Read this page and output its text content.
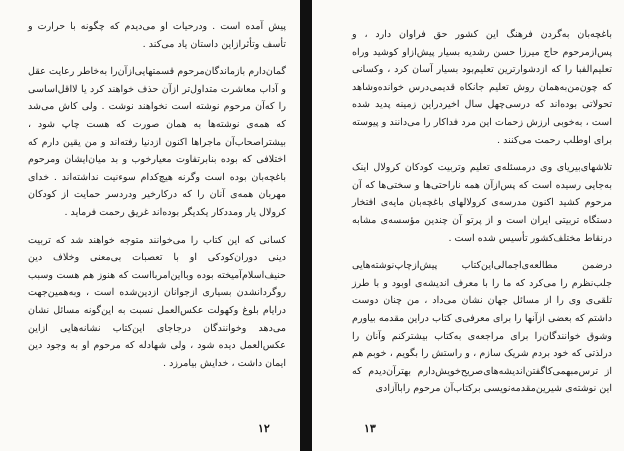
پیش آمده است . ودرحیات او می‌دیدم که چگونه با حرارت و تأسف وتأثرازاین داستان یاد می‌کند .

گمان‌دارم بازماندگان‌مرحوم قسمتهایی‌از‌آن‌را به‌خاطر رعایت عقل و آداب معاشرت متداول‌تر از‌آن حذف خواهند کرد یا لااقل‌اساسی را که‌آن مرحوم نوشته است نخواهند نوشت . ولی کاش می‌شد که همه‌ی نوشته‌ها به همان صورت که هست چاپ شود ، بیشتر‌اصحاب‌آن ماجرا‌ها اکنون ازدنیا رفته‌اند و من یقین دارم که اختلافی که بوده بنابرتفاوت معیارخوب و بد میان‌ایشان ومرحوم باغچه‌بان بوده است و‌گرنه هیچ‌کدام سوءنیت نداشته‌اند . خدای مهربان همه‌ی آنان را که درکارخیر ودردسر حمایت از کودکان کرولال یار ومددکار یکدیگر بوده‌اند غریق رحمت فرماید .

کسانی که این کتاب را می‌خوانند متوجه خواهند شد که تربیت دینی دوران‌کودکی او با تعصبات بی‌معنی وخلاف دین حنیف‌اسلام‌آمیخته بوده وبااین‌امربااست که هنوز هم هست وسبب روگردانشدن بسیاری ازجوانان ازدین‌شده است ، وبه‌همین‌جهت درایام بلوغ وکهولت عکس‌العمل نسبت به این‌گونه مسائل نشان می‌دهد وخوانندگان درجاجای این‌کتاب نشانه‌هایی ازاین عکس‌العمل دیده شود ، ولی شهادله که مرحوم او به وجود دین ایمان داشت ، خدایش بیامرزد .

۱۲

باغچه‌بان به‌گردن فرهنگ این کشور حق فراوان دارد ، و پس‌ازمرحوم حاج میرزا حسن رشدیه بسیار پیش‌ازاو کوشید وراه تعلیم‌الفبا را که ازدشوارترین تعلیم‌بود بسیار آسان کرد ، وکسانی که چون‌من‌به‌همان روش تعلیم جانکاه قدیمی‌درس خوانده‌وشاهد تحولاتی بوده‌اند که درسی‌چهل سال اخیردراین‌ زمینه پدید شده است ، به‌خوبی ارزش زحمات این مرد فداکار را می‌دانند و پیوسته برای اوطلب رحمت می‌کنند .

تلاشهای‌بیریای وی درمسئله‌ی تعلیم وتربیت کودکان کرولال اینک به‌جایی رسیده است که پس‌ازآن همه ناراحتی‌ها و سختی‌ها که آن مرحوم کشید اکنون مدرسه‌ی کرولالهای باغچه‌بان مایه‌ی افتخار دستگاه تربیتی ایران است و از پرتو آن چندین مؤسسه‌ی مشابه درنقاط مختلف‌کشور تأسیس شده است .

درضمن مطالعه‌ی‌اجمالی‌این‌کتاب پیش‌ازچاپ‌نوشته‌هایی جلب‌نظرم را می‌کرد که ما را با معرف اندیشه‌ی اوبود و با طرز تلقی‌ی وی را از مسائل جهان نشان می‌داد ، من چنان دوست داشتم که بعضی ازآنها را برای معرفی‌ی کتاب دراین مقدمه بیاورم وشوق خوانندگان‌را برای مراجعه‌ی به‌کتاب بیشترکنم وآنان را درلذتی که خود بردم شریک سازم ، و راستش را بگویم ، خوبم هم از ترس‌مبهمی‌کاگفتن‌اندیشه‌های‌صریح‌خویش‌دارم بهتر‌آن‌دیدم‌ که این نوشته‌ی شیرین‌مقدمه‌نویسی برکتاب‌آن مرحوم راباآزادی

۱۳
